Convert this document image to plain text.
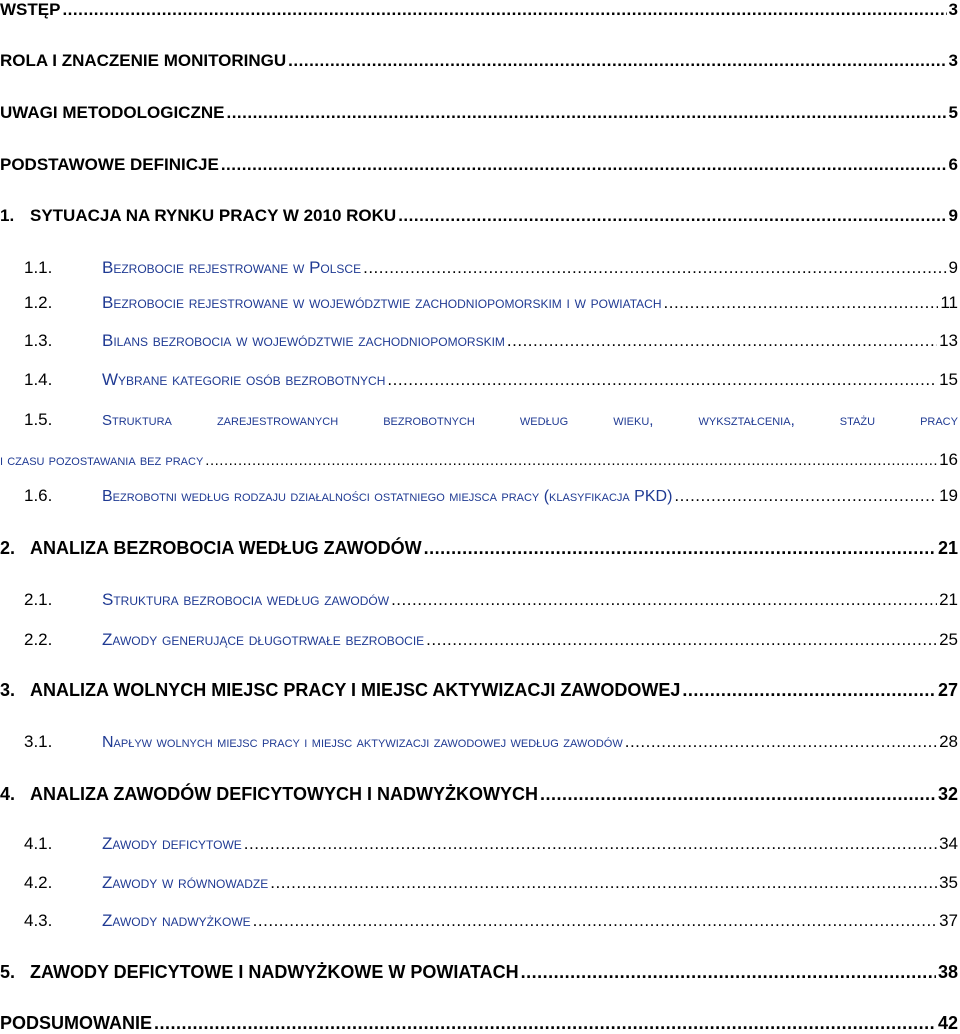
WSTĘP .....	3
ROLA I ZNACZENIE MONITORINGU .....	3
UWAGI METODOLOGICZNE .....	5
PODSTAWOWE DEFINICJE .....	6
1. SYTUACJA NA RYNKU PRACY W 2010 ROKU .....	9
1.1.	Bezrobocie rejestrowane w Polsce .....	9
1.2.	Bezrobocie rejestrowane w województwie zachodniopomorskim i w powiatach .....	11
1.3.	Bilans bezrobocia w województwie zachodniopomorskim .....	13
1.4.	Wybrane kategorie osób bezrobotnych .....	15
1.5.	Struktura	zarejestrowanych	bezrobotnych	według	wieku,	wykształcenia,	stażu	pracy
i czasu pozostawania bez pracy .....	16
1.6.	Bezrobotni według rodzaju działalności ostatniego miejsca pracy (klasyfikacja PKD) .....	19
2. ANALIZA BEZROBOCIA WEDŁUG ZAWODÓW .....	21
2.1.	Struktura bezrobocia według zawodów .....	21
2.2.	Zawody generujące długotrwałe bezrobocie .....	25
3. ANALIZA WOLNYCH MIEJSC PRACY I MIEJSC AKTYWIZACJI ZAWODOWEJ .....	27
3.1.	Napływ wolnych miejsc pracy i miejsc aktywizacji zawodowej według zawodów .....	28
4. ANALIZA ZAWODÓW DEFICYTOWYCH I NADWYŻKOWYCH .....	32
4.1.	Zawody deficytowe .....	34
4.2.	Zawody w równowadze .....	35
4.3.	Zawody nadwyżkowe .....	37
5. ZAWODY DEFICYTOWE I NADWYŻKOWE W POWIATACH .....	38
PODSUMOWANIE .....	42
